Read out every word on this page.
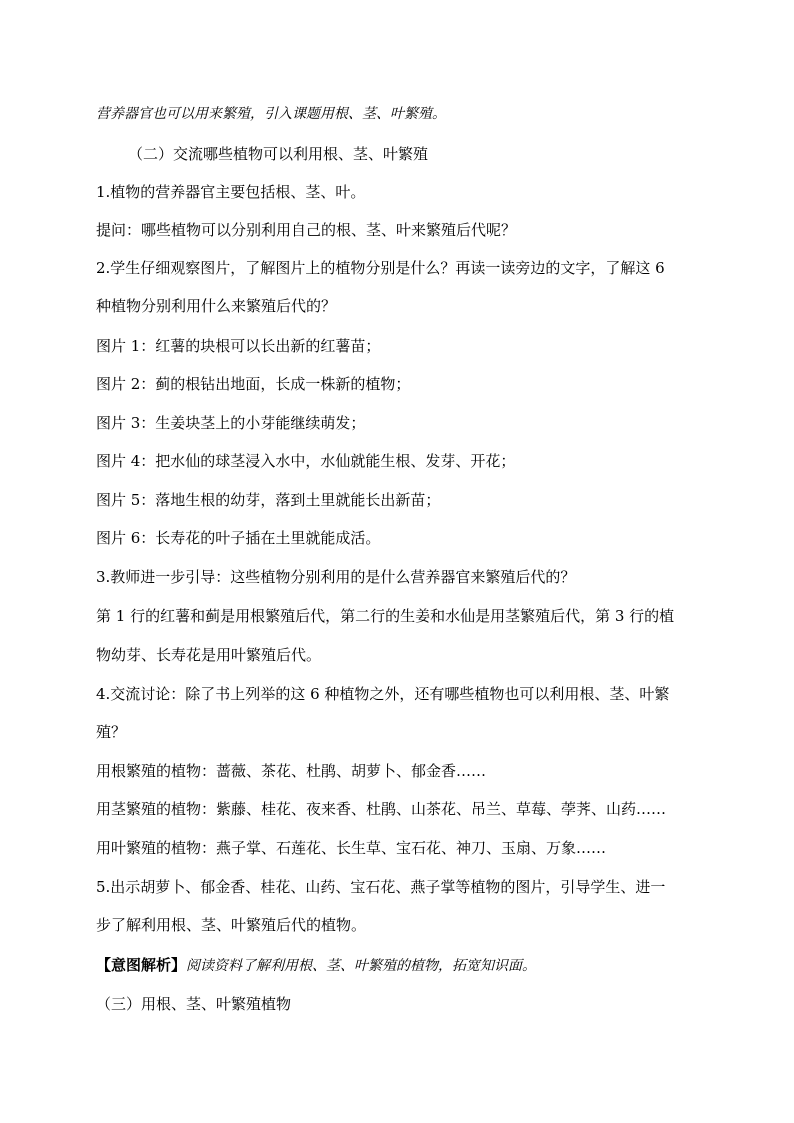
营养器官也可以用来繁殖，引入课题用根、茎、叶繁殖。
（二）交流哪些植物可以利用根、茎、叶繁殖
1.植物的营养器官主要包括根、茎、叶。
提问：哪些植物可以分别利用自己的根、茎、叶来繁殖后代呢？
2.学生仔细观察图片，了解图片上的植物分别是什么？再读一读旁边的文字，了解这 6
种植物分别利用什么来繁殖后代的？
图片 1：红薯的块根可以长出新的红薯苗；
图片 2：蓟的根钻出地面，长成一株新的植物；
图片 3：生姜块茎上的小芽能继续萌发；
图片 4：把水仙的球茎浸入水中，水仙就能生根、发芽、开花；
图片 5：落地生根的幼芽，落到土里就能长出新苗；
图片 6：长寿花的叶子插在土里就能成活。
3.教师进一步引导：这些植物分别利用的是什么营养器官来繁殖后代的？
第 1 行的红薯和蓟是用根繁殖后代，第二行的生姜和水仙是用茎繁殖后代，第 3 行的植
物幼芽、长寿花是用叶繁殖后代。
4.交流讨论：除了书上列举的这 6 种植物之外，还有哪些植物也可以利用根、茎、叶繁
殖？
用根繁殖的植物：蔷薇、茶花、杜鹃、胡萝卜、郁金香……
用茎繁殖的植物：紫藤、桂花、夜来香、杜鹃、山茶花、吊兰、草莓、荸荠、山药……
用叶繁殖的植物：燕子掌、石莲花、长生草、宝石花、神刀、玉扇、万象……
5.出示胡萝卜、郁金香、桂花、山药、宝石花、燕子掌等植物的图片，引导学生、进一
步了解利用根、茎、叶繁殖后代的植物。
【意图解析】阅读资料了解利用根、茎、叶繁殖的植物，拓宽知识面。
（三）用根、茎、叶繁殖植物
